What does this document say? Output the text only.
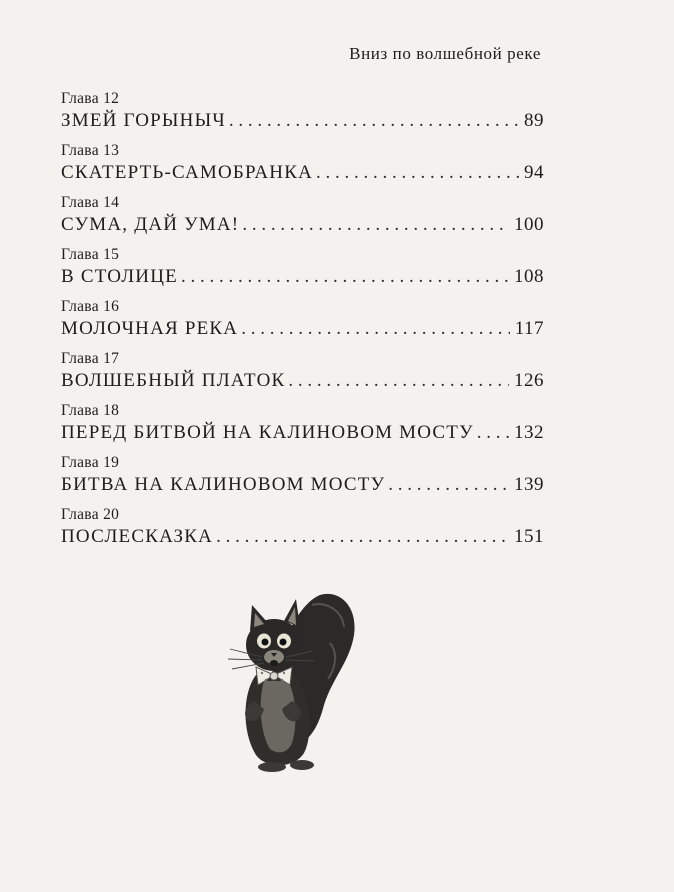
Вниз по волшебной реке
Глава 12
ЗМЕЙ ГОРЫНЫЧ . . .	89
Глава 13
СКАТЕРТЬ-САМОБРАНКА . . .	94
Глава 14
СУМА, ДАЙ УМА! . . .	100
Глава 15
В СТОЛИЦЕ . . .	108
Глава 16
МОЛОЧНАЯ РЕКА . . .	117
Глава 17
ВОЛШЕБНЫЙ ПЛАТОК . . .	126
Глава 18
ПЕРЕД БИТВОЙ НА КАЛИНОВОМ МОСТУ . . . 132
Глава 19
БИТВА НА КАЛИНОВОМ МОСТУ . . .	139
Глава 20
ПОСЛЕСКАЗКА . . .	151
